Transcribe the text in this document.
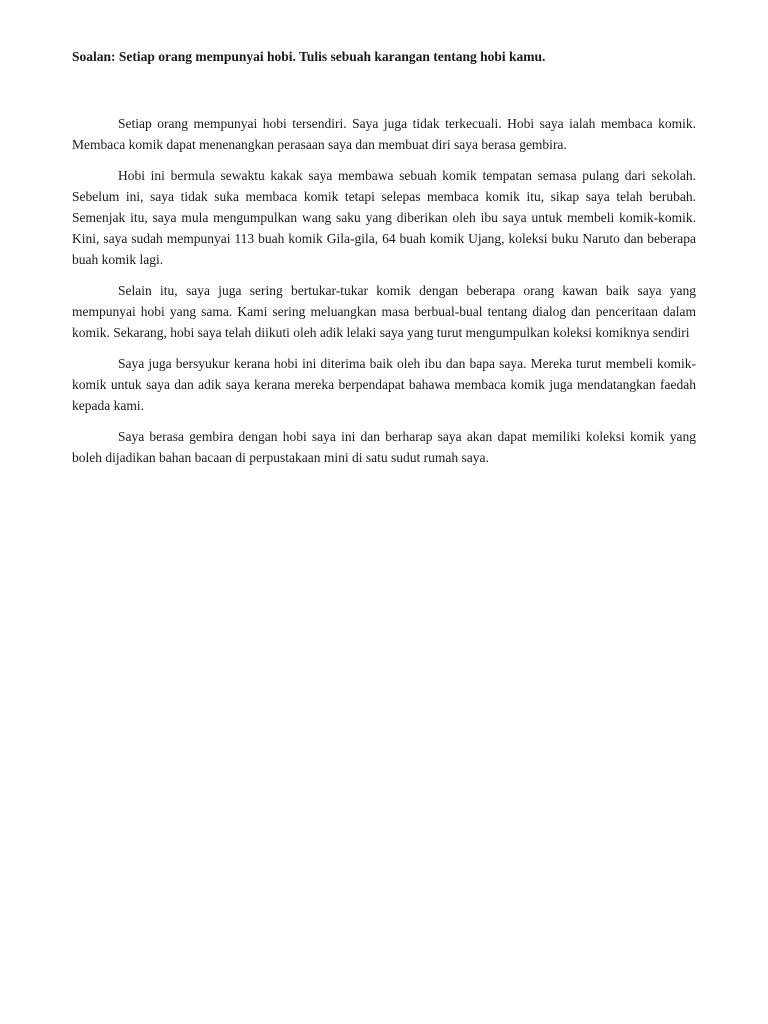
Soalan: Setiap orang mempunyai hobi. Tulis sebuah karangan tentang hobi kamu.

Setiap orang mempunyai hobi tersendiri. Saya juga tidak terkecuali. Hobi saya ialah membaca komik. Membaca komik dapat menenangkan perasaan saya dan membuat diri saya berasa gembira.

Hobi ini bermula sewaktu kakak saya membawa sebuah komik tempatan semasa pulang dari sekolah. Sebelum ini, saya tidak suka membaca komik tetapi selepas membaca komik itu, sikap saya telah berubah. Semenjak itu, saya mula mengumpulkan wang saku yang diberikan oleh ibu saya untuk membeli komik-komik. Kini, saya sudah mempunyai 113 buah komik Gila-gila, 64 buah komik Ujang, koleksi buku Naruto dan beberapa buah komik lagi.

Selain itu, saya juga sering bertukar-tukar komik dengan beberapa orang kawan baik saya yang mempunyai hobi yang sama. Kami sering meluangkan masa berbual-bual tentang dialog dan penceritaan dalam komik. Sekarang, hobi saya telah diikuti oleh adik lelaki saya yang turut mengumpulkan koleksi komiknya sendiri

Saya juga bersyukur kerana hobi ini diterima baik oleh ibu dan bapa saya. Mereka turut membeli komik-komik untuk saya dan adik saya kerana mereka berpendapat bahawa membaca komik juga mendatangkan faedah kepada kami.

Saya berasa gembira dengan hobi saya ini dan berharap saya akan dapat memiliki koleksi komik yang boleh dijadikan bahan bacaan di perpustakaan mini di satu sudut rumah saya.
